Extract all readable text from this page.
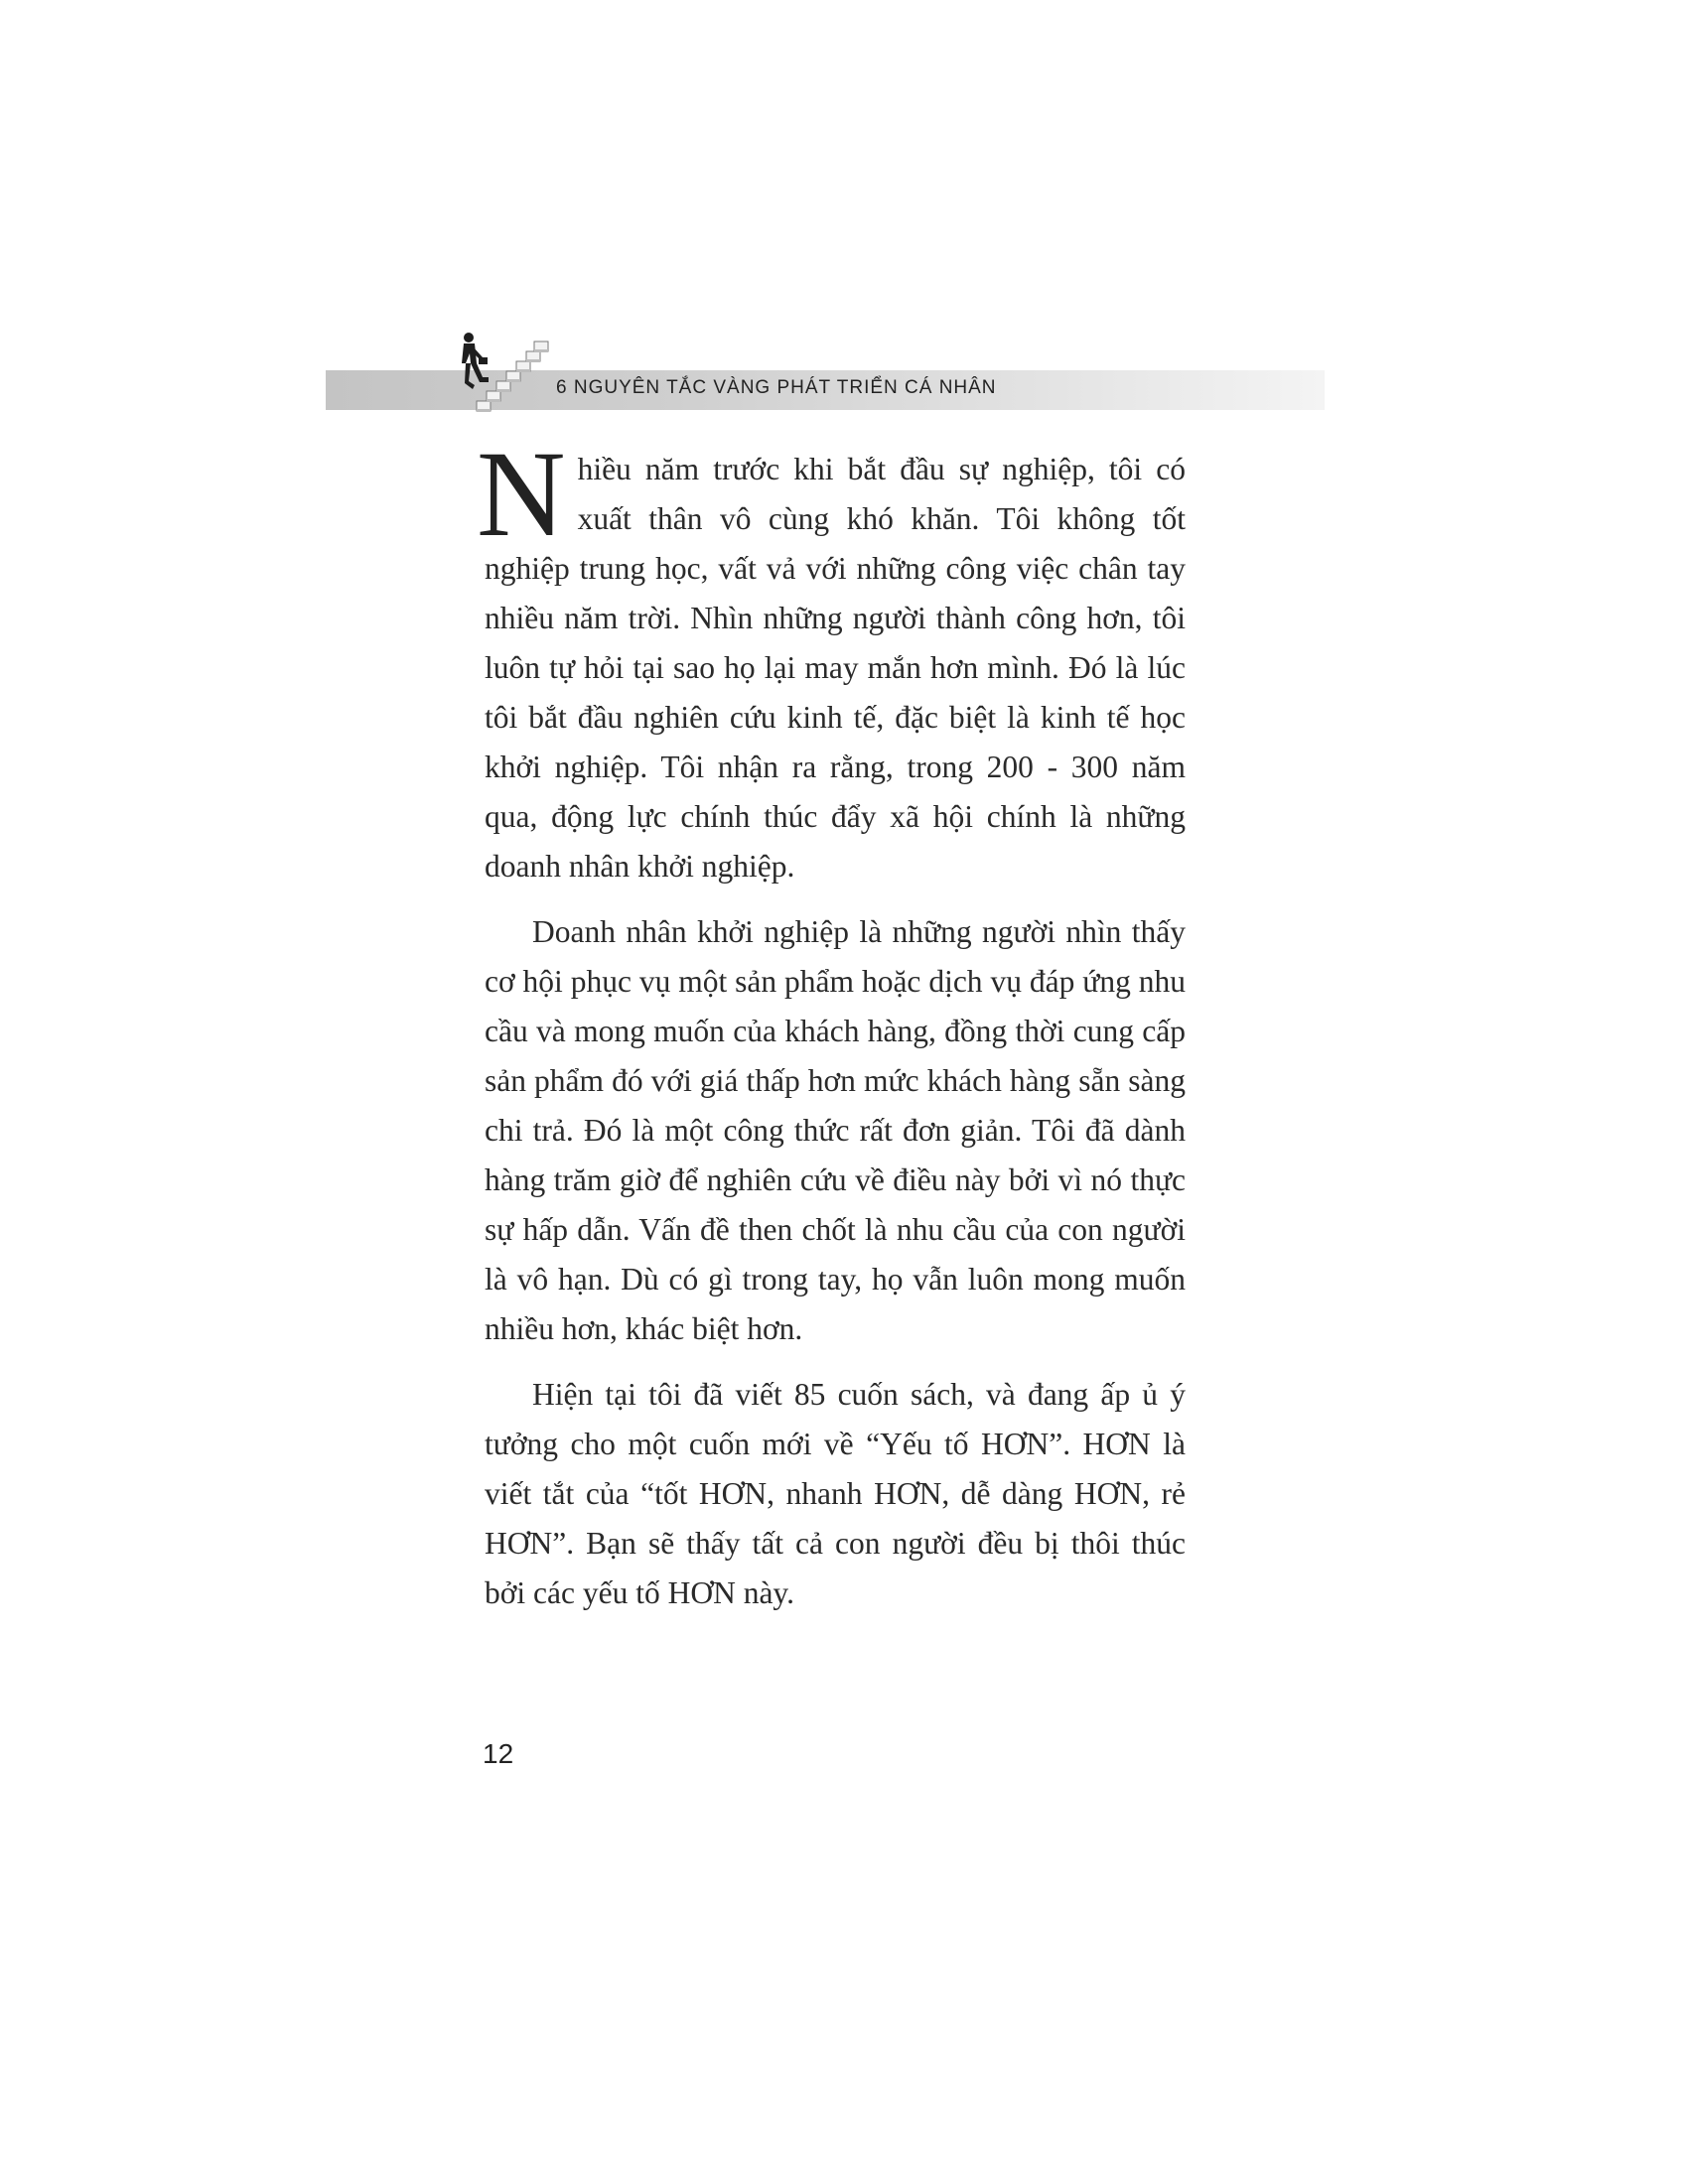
6 NGUYÊN TẮC VÀNG PHÁT TRIỂN CÁ NHÂN

Nhiều năm trước khi bắt đầu sự nghiệp, tôi có xuất thân vô cùng khó khăn. Tôi không tốt nghiệp trung học, vất vả với những công việc chân tay nhiều năm trời. Nhìn những người thành công hơn, tôi luôn tự hỏi tại sao họ lại may mắn hơn mình. Đó là lúc tôi bắt đầu nghiên cứu kinh tế, đặc biệt là kinh tế học khởi nghiệp. Tôi nhận ra rằng, trong 200 - 300 năm qua, động lực chính thúc đẩy xã hội chính là những doanh nhân khởi nghiệp.

Doanh nhân khởi nghiệp là những người nhìn thấy cơ hội phục vụ một sản phẩm hoặc dịch vụ đáp ứng nhu cầu và mong muốn của khách hàng, đồng thời cung cấp sản phẩm đó với giá thấp hơn mức khách hàng sẵn sàng chi trả. Đó là một công thức rất đơn giản. Tôi đã dành hàng trăm giờ để nghiên cứu về điều này bởi vì nó thực sự hấp dẫn. Vấn đề then chốt là nhu cầu của con người là vô hạn. Dù có gì trong tay, họ vẫn luôn mong muốn nhiều hơn, khác biệt hơn.

Hiện tại tôi đã viết 85 cuốn sách, và đang ấp ủ ý tưởng cho một cuốn mới về “Yếu tố HƠN”. HƠN là viết tắt của “tốt HƠN, nhanh HƠN, dễ dàng HƠN, rẻ HƠN”. Bạn sẽ thấy tất cả con người đều bị thôi thúc bởi các yếu tố HƠN này.

12
